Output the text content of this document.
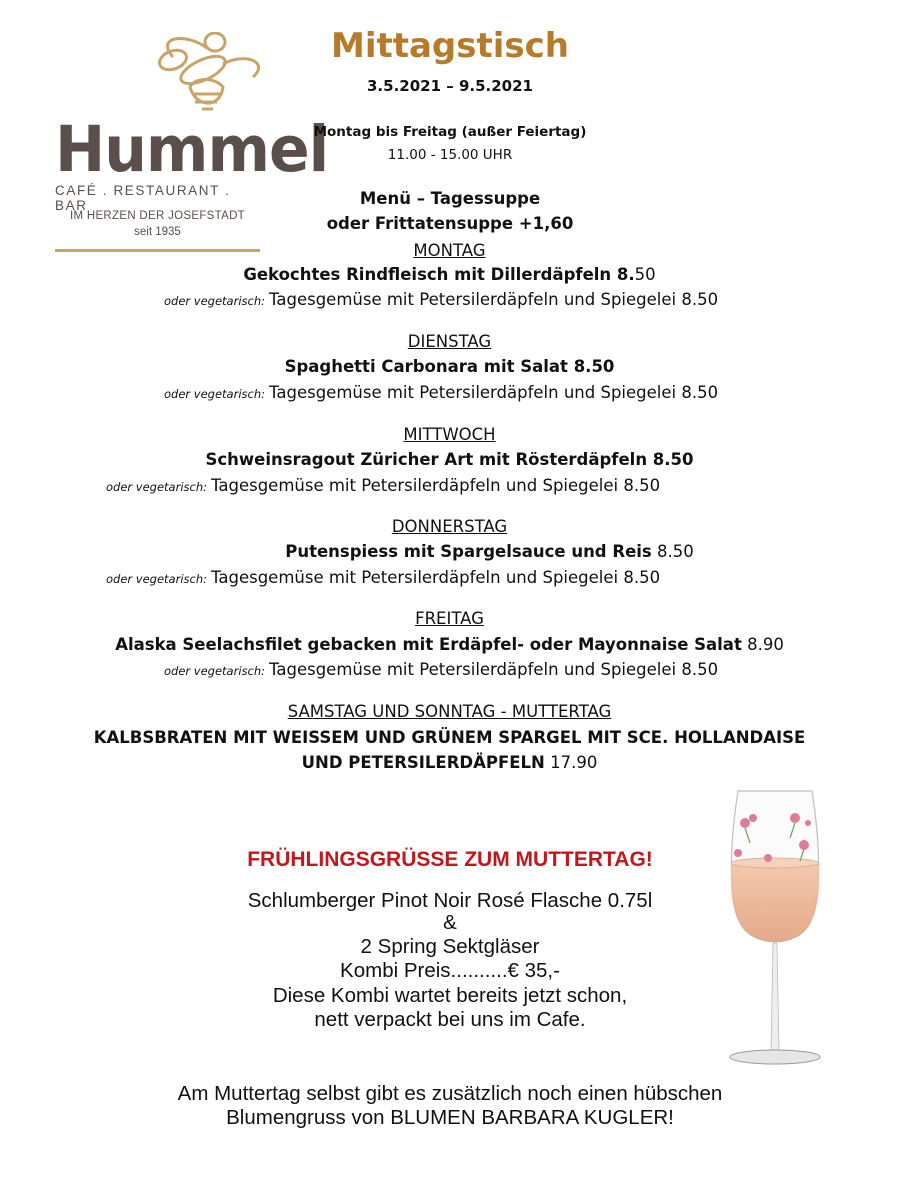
Hummel
CAFÉ . RESTAURANT . BAR
IM HERZEN DER JOSEFSTADT
seit 1935
Mittagstisch
3.5.2021 – 9.5.2021
Montag bis Freitag (außer Feiertag)
11.00 - 15.00 UHR
Menü – Tagessuppe
oder Frittatensuppe +1,60
MONTAG
Gekochtes Rindfleisch mit Dillerdäpfeln 8.50
oder vegetarisch: Tagesgemüse mit Petersilerdäpfeln und Spiegelei 8.50
DIENSTAG
Spaghetti Carbonara mit Salat 8.50
oder vegetarisch: Tagesgemüse mit Petersilerdäpfeln und Spiegelei 8.50
MITTWOCH
Schweinsragout Züricher Art mit Rösterdäpfeln 8.50
oder vegetarisch: Tagesgemüse mit Petersilerdäpfeln und Spiegelei 8.50
DONNERSTAG
Putenspiess mit Spargelsauce und Reis 8.50
oder vegetarisch: Tagesgemüse mit Petersilerdäpfeln und Spiegelei 8.50
FREITAG
Alaska Seelachsfilet gebacken mit Erdäpfel- oder Mayonnaise Salat 8.90
oder vegetarisch: Tagesgemüse mit Petersilerdäpfeln und Spiegelei 8.50
SAMSTAG UND SONNTAG - MUTTERTAG
KALBSBRATEN MIT WEISSEM UND GRÜNEM SPARGEL MIT SCE. HOLLANDAISE
UND PETERSILERDÄPFELN 17.90
FRÜHLINGSGRÜSSE ZUM MUTTERTAG!
Schlumberger Pinot Noir Rosé Flasche 0.75l
&
2 Spring Sektgläser
Kombi Preis..........€ 35,-
Diese Kombi wartet bereits jetzt schon,
nett verpackt bei uns im Cafe.
Am Muttertag selbst gibt es zusätzlich noch einen hübschen
Blumengruss von BLUMEN BARBARA KUGLER!
